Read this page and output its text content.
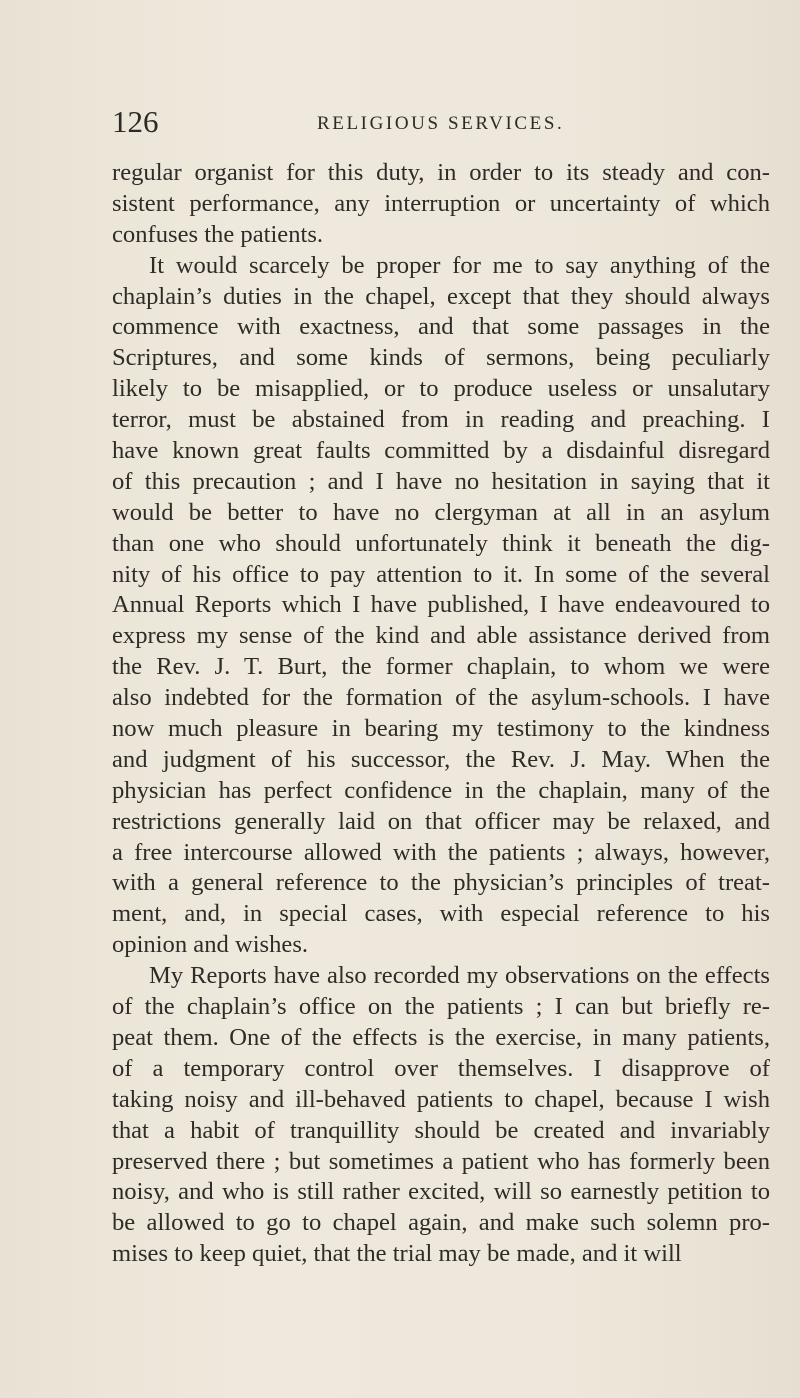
126	RELIGIOUS SERVICES.
regular organist for this duty, in order to its steady and con-
sistent performance, any interruption or uncertainty of which
confuses the patients.
It would scarcely be proper for me to say anything of the
chaplain’s duties in the chapel, except that they should always
commence with exactness, and that some passages in the
Scriptures, and some kinds of sermons, being peculiarly
likely to be misapplied, or to produce useless or unsalutary
terror, must be abstained from in reading and preaching. I
have known great faults committed by a disdainful disregard
of this precaution ; and I have no hesitation in saying that it
would be better to have no clergyman at all in an asylum
than one who should unfortunately think it beneath the dig-
nity of his office to pay attention to it. In some of the several
Annual Reports which I have published, I have endeavoured to
express my sense of the kind and able assistance derived from
the Rev. J. T. Burt, the former chaplain, to whom we were
also indebted for the formation of the asylum-schools. I have
now much pleasure in bearing my testimony to the kindness
and judgment of his successor, the Rev. J. May. When the
physician has perfect confidence in the chaplain, many of the
restrictions generally laid on that officer may be relaxed, and
a free intercourse allowed with the patients ; always, however,
with a general reference to the physician’s principles of treat-
ment, and, in special cases, with especial reference to his
opinion and wishes.
My Reports have also recorded my observations on the effects
of the chaplain’s office on the patients ; I can but briefly re-
peat them. One of the effects is the exercise, in many patients,
of a temporary control over themselves. I disapprove of
taking noisy and ill-behaved patients to chapel, because I wish
that a habit of tranquillity should be created and invariably
preserved there ; but sometimes a patient who has formerly been
noisy, and who is still rather excited, will so earnestly petition to
be allowed to go to chapel again, and make such solemn pro-
mises to keep quiet, that the trial may be made, and it will
